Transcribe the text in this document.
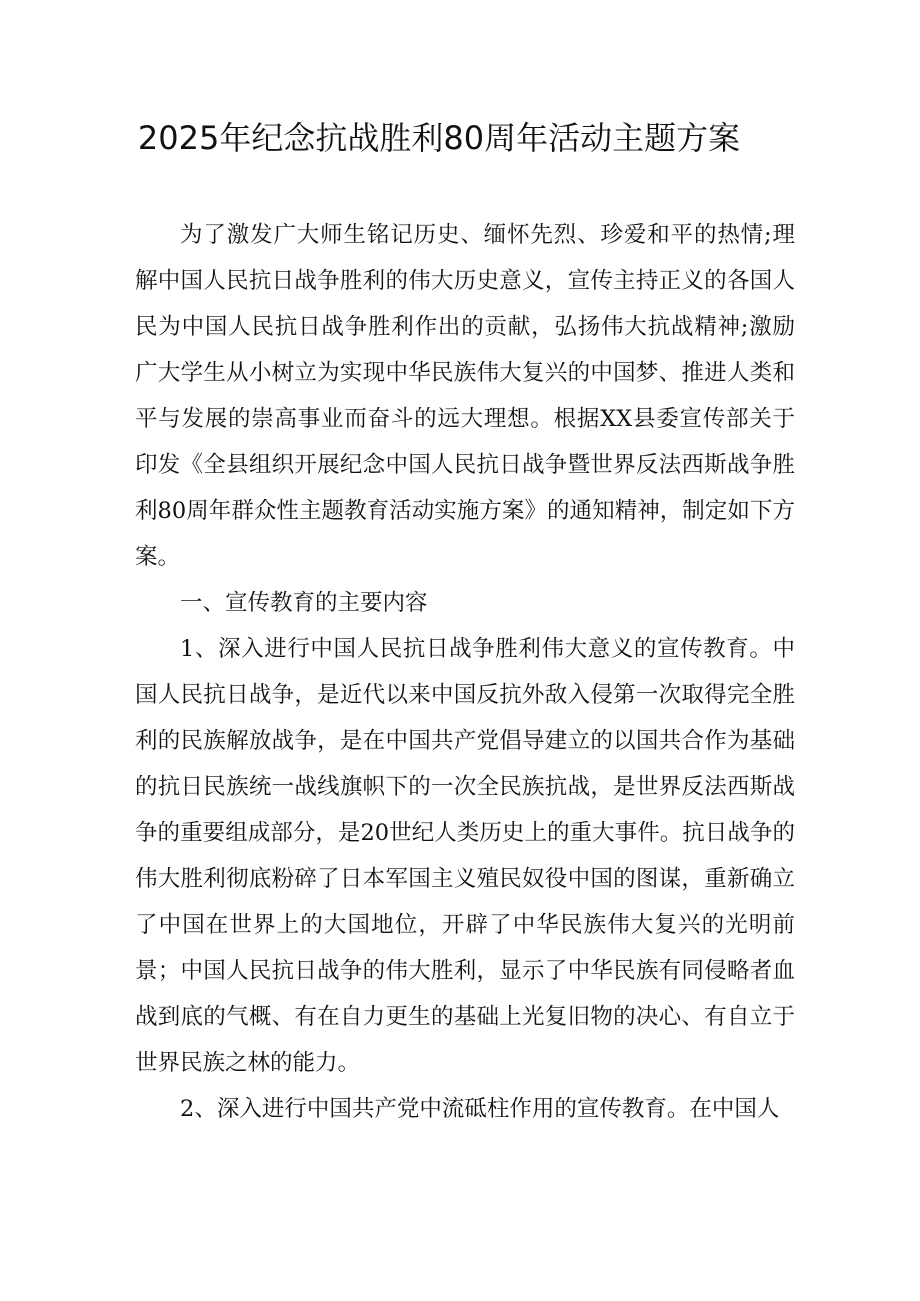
2025年纪念抗战胜利80周年活动主题方案

为了激发广大师生铭记历史、缅怀先烈、珍爱和平的热情;理解中国人民抗日战争胜利的伟大历史意义，宣传主持正义的各国人民为中国人民抗日战争胜利作出的贡献，弘扬伟大抗战精神;激励广大学生从小树立为实现中华民族伟大复兴的中国梦、推进人类和平与发展的崇高事业而奋斗的远大理想。根据XX县委宣传部关于印发《全县组织开展纪念中国人民抗日战争暨世界反法西斯战争胜利80周年群众性主题教育活动实施方案》的通知精神，制定如下方案。

一、宣传教育的主要内容

1、深入进行中国人民抗日战争胜利伟大意义的宣传教育。中国人民抗日战争，是近代以来中国反抗外敌入侵第一次取得完全胜利的民族解放战争，是在中国共产党倡导建立的以国共合作为基础的抗日民族统一战线旗帜下的一次全民族抗战，是世界反法西斯战争的重要组成部分，是20世纪人类历史上的重大事件。抗日战争的伟大胜利彻底粉碎了日本军国主义殖民奴役中国的图谋，重新确立了中国在世界上的大国地位，开辟了中华民族伟大复兴的光明前景；中国人民抗日战争的伟大胜利，显示了中华民族有同侵略者血战到底的气概、有在自力更生的基础上光复旧物的决心、有自立于世界民族之林的能力。

2、深入进行中国共产党中流砥柱作用的宣传教育。在中国人
